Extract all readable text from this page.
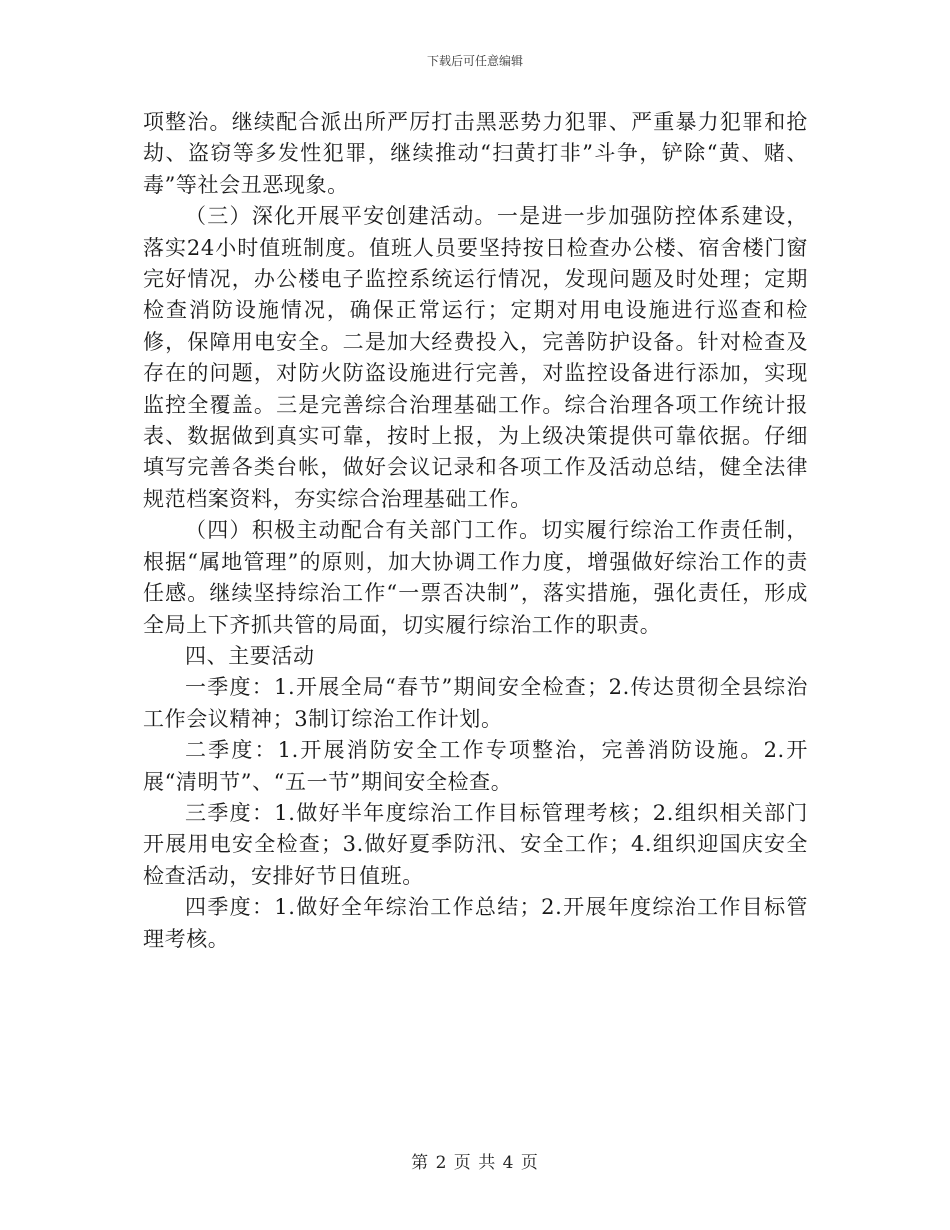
下载后可任意编辑

项整治。继续配合派出所严厉打击黑恶势力犯罪、严重暴力犯罪和抢劫、盗窃等多发性犯罪，继续推动“扫黄打非”斗争，铲除“黄、赌、毒”等社会丑恶现象。

（三）深化开展平安创建活动。一是进一步加强防控体系建设，落实24小时值班制度。值班人员要坚持按日检查办公楼、宿舍楼门窗完好情况，办公楼电子监控系统运行情况，发现问题及时处理；定期检查消防设施情况，确保正常运行；定期对用电设施进行巡查和检修，保障用电安全。二是加大经费投入，完善防护设备。针对检查及存在的问题，对防火防盗设施进行完善，对监控设备进行添加，实现监控全覆盖。三是完善综合治理基础工作。综合治理各项工作统计报表、数据做到真实可靠，按时上报，为上级决策提供可靠依据。仔细填写完善各类台帐，做好会议记录和各项工作及活动总结，健全法律规范档案资料，夯实综合治理基础工作。

（四）积极主动配合有关部门工作。切实履行综治工作责任制，根据“属地管理”的原则，加大协调工作力度，增强做好综治工作的责任感。继续坚持综治工作“一票否决制”，落实措施，强化责任，形成全局上下齐抓共管的局面，切实履行综治工作的职责。

四、主要活动

一季度：1.开展全局“春节”期间安全检查；2.传达贯彻全县综治工作会议精神；3制订综治工作计划。

二季度：1.开展消防安全工作专项整治，完善消防设施。2.开展“清明节”、“五一节”期间安全检查。

三季度：1.做好半年度综治工作目标管理考核；2.组织相关部门开展用电安全检查；3.做好夏季防汛、安全工作；4.组织迎国庆安全检查活动，安排好节日值班。

四季度：1.做好全年综治工作总结；2.开展年度综治工作目标管理考核。

第 2 页 共 4 页
